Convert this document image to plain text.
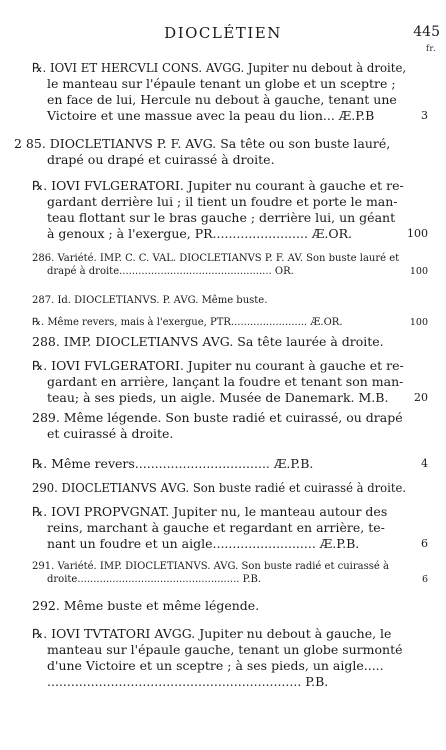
DIOCLÉTIEN	445
fr.
℞. IOVI ET HERCVLI CONS. AVGG. Jupiter nu debout à droite,
le manteau sur l'épaule tenant un globe et un sceptre ;
en face de lui, Hercule nu debout à gauche, tenant une
Victoire et une massue avec la peau du lion... Æ.P.B	3
2 85. DIOCLETIANVS P. F. AVG. Sa tête ou son buste lauré,
drapé ou drapé et cuirassé à droite.
℞. IOVI FVLGERATORI. Jupiter nu courant à gauche et re-
gardant derrière lui ; il tient un foudre et porte le man-
teau flottant sur le bras gauche ; derrière lui, un géant
à genoux ; à l'exergue, PR........................ Æ.OR.	100
286. Variété. IMP. C. C. VAL. DIOCLETIANVS P. F. AV. Son buste lauré et
drapé à droite................................................ OR.	100
287. Id. DIOCLETIANVS. P. AVG. Même buste.
℞. Même revers, mais à l'exergue, PTR........................ Æ.OR.	100
288. IMP. DIOCLETIANVS AVG. Sa tête laurée à droite.
℞. IOVI FVLGERATORI. Jupiter nu courant à gauche et re-
gardant en arrière, lançant la foudre et tenant son man-
teau; à ses pieds, un aigle. Musée de Danemark. M.B. 20
289. Même légende. Son buste radié et cuirassé, ou drapé
et cuirassé à droite.
℞. Même revers.................................. Æ.P.B.	4
290. DIOCLETIANVS AVG. Son buste radié et cuirassé à droite.
℞. IOVI PROPVGNAT. Jupiter nu, le manteau autour des
reins, marchant à gauche et regardant en arrière, te-
nant un foudre et un aigle.......................... Æ.P.B.	6
291. Variété. IMP. DIOCLETIANVS. AVG. Son buste radié et cuirassé à
droite................................................... P.B.	6
292. Même buste et même légende.
℞. IOVI TVTATORI AVGG. Jupiter nu debout à gauche, le
manteau sur l'épaule gauche, tenant un globe surmonté
d'une Victoire et un sceptre ; à ses pieds, un aigle.....
................................................................ P.B.
